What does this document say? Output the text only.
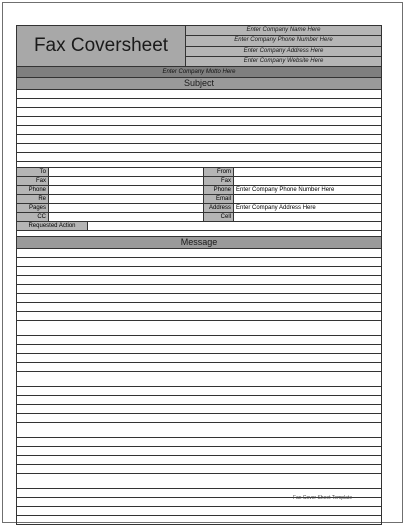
Fax Coversheet
Enter Company Name Here
Enter Company Phone Number Here
Enter Company Address Here
Enter Company Website Here
Enter Company Motto Here
Subject
To	From
Fax	Fax
Phone	Phone Enter Company Phone Number Here
Re	Email
Pages	Address Enter Company Address Here
CC	Cell
Requested Action
Message
Fax Cover Sheet Template
